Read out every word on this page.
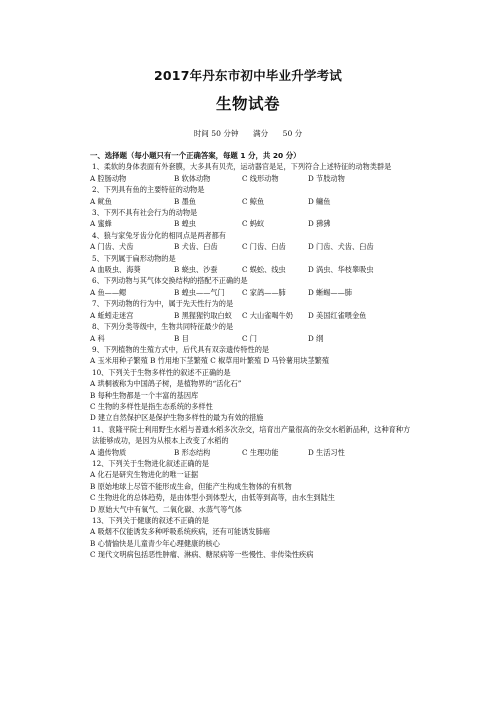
2017年丹东市初中毕业升学考试
生物试卷
时间 50 分钟 满分 50 分
一、选择题（每小题只有一个正确答案，每题 1 分，共 20 分）
1、柔软的身体表面有外套膜，大多具有贝壳，运动器官是足，下列符合上述特征的动物类群是
A 腔肠动物	B 软体动物	C 线形动物	D 节肢动物
2、下列具有鱼的主要特征的动物是
A 鱿鱼	B 墨鱼	C 鲸鱼	D 鳙鱼
3、下列不具有社会行为的动物是
A 蜜蜂	B 蝗虫	C 蚂蚁	D 狒狒
4、狼与家兔牙齿分化的相同点是两者都有
A 门齿、犬齿	B 犬齿、臼齿	C 门齿、臼齿	D 门齿、犬齿、臼齿
5、下列属于扁形动物的是
A 血吸虫、海葵	B 蛲虫、沙蚕	C 蜈蚣、线虫	D 涡虫、华枝睾吸虫
6、下列动物与其气体交换结构的搭配不正确的是
A 鱼——鳃	B 蝗虫——气门	C 家鸽——肺	D 蜥蜴——肺
7、下列动物的行为中，属于先天性行为的是
A 蚯蚓走迷宫	B 黑猩猩钓取白蚁	C 大山雀喝牛奶	D 美国红雀喂金鱼
8、下列分类等级中，生物共同特征最少的是
A 科	B 目	C 门	D 纲
9、下列植物的生殖方式中，后代具有双亲遗传特性的是
A 玉米用种子繁殖 B 竹用地下茎繁殖 C 椒草用叶繁殖 D 马铃薯用块茎繁殖
10、下列关于生物多样性的叙述不正确的是
A 珙桐被称为中国鸽子树，是植物界的“活化石”
B 每种生物都是一个丰富的基因库
C 生物的多样性是指生态系统的多样性
D 建立自然保护区是保护生物多样性的最为有效的措施
11、袁隆平院士利用野生水稻与普通水稻多次杂交，培育出产量很高的杂交水稻新品种，这种育种方法能够成功，是因为从根本上改变了水稻的
A 遗传物质	B 形态结构	C 生理功能	D 生活习性
12、下列关于生物进化叙述正确的是
A 化石是研究生物进化的唯一证据
B 原始地球上尽管不能形成生命，但能产生构成生物体的有机物
C 生物进化的总体趋势，是由体型小到体型大，由低等到高等，由水生到陆生
D 原始大气中有氧气、二氧化碳、水蒸气等气体
13、下列关于健康的叙述不正确的是
A 吸烟不仅能诱发多种呼吸系统疾病，还有可能诱发肺癌
B 心情愉快是儿童青少年心理健康的核心
C 现代文明病包括恶性肿瘤、淋病、糖尿病等一些慢性、非传染性疾病
